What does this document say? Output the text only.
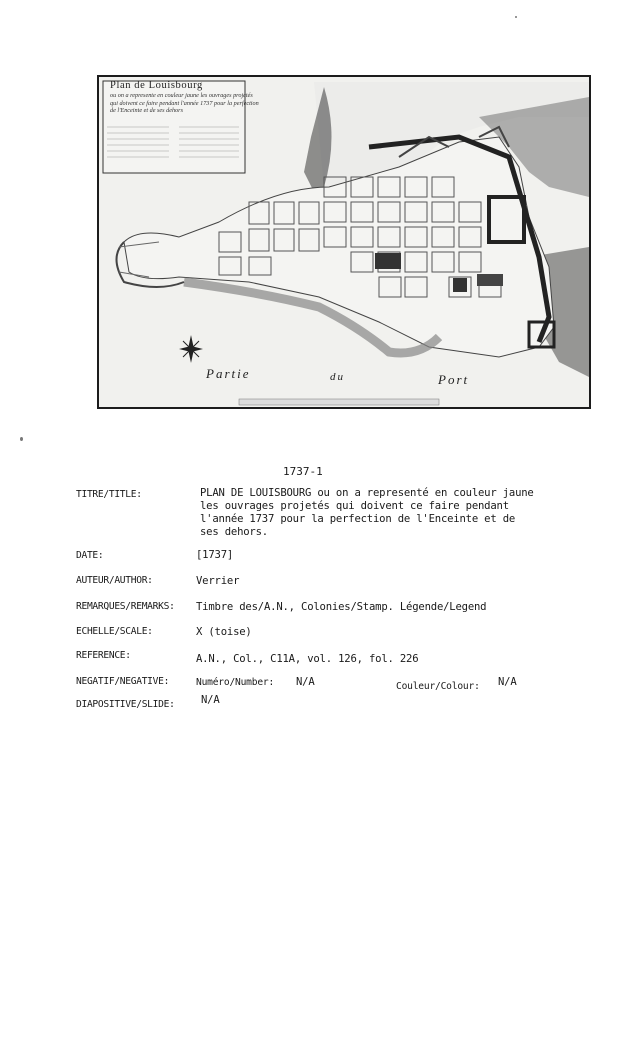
Plan de Louisbourg
ou on a represente en couleur jaune les ouvrages projetés qui doivent ce faire pendant l'année 1737 pour la perfection de l'Enceinte et de ses dehors
Partie	du	Port
1737-1
TITRE/TITLE:	PLAN DE LOUISBOURG ou on a representé en couleur jaune
les ouvrages projetés qui doivent ce faire pendant
l'année 1737 pour la perfection de l'Enceinte et de
ses dehors.
DATE:	[1737]
AUTEUR/AUTHOR:	Verrier
REMARQUES/REMARKS: Timbre des/A.N., Colonies/Stamp. Légende/Legend
ECHELLE/SCALE:	X (toise)
REFERENCE:	A.N., Col., C11A, vol. 126, fol. 226
NEGATIF/NEGATIVE:	Numéro/Number: N/A	Couleur/Colour: N/A
DIAPOSITIVE/SLIDE: N/A
